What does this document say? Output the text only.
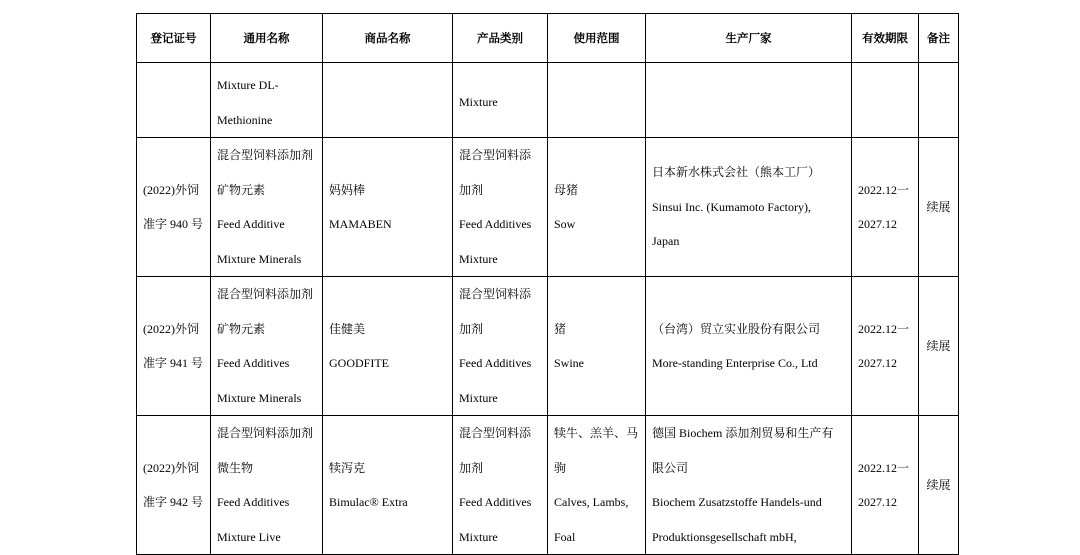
登记证号	通用名称	商品名称	产品类别	使用范围	生产厂家	有效期限	备注

	Mixture DL-
Methionine		Mixture				

(2022)外饲
准字 940 号	混合型饲料添加剂
矿物元素
Feed Additive
Mixture Minerals	妈妈棒
MAMABEN	混合型饲料添
加剂
Feed Additives
Mixture	母猪
Sow	日本新水株式会社（熊本工厂）
Sinsui Inc. (Kumamoto Factory),
Japan	2022.12一
2027.12	续展

(2022)外饲
准字 941 号	混合型饲料添加剂
矿物元素
Feed Additives
Mixture Minerals	佳健美
GOODFITE	混合型饲料添
加剂
Feed Additives
Mixture	猪
Swine	（台湾）贸立实业股份有限公司
More-standing Enterprise Co., Ltd	2022.12一
2027.12	续展

(2022)外饲
准字 942 号	混合型饲料添加剂
微生物
Feed Additives
Mixture Live	犊泻克
Bimulac® Extra	混合型饲料添
加剂
Feed Additives
Mixture	犊牛、羔羊、马
驹
Calves, Lambs,
Foal	德国 Biochem 添加剂贸易和生产有
限公司
Biochem Zusatzstoffe Handels-und
Produktionsgesellschaft mbH,	2022.12一
2027.12	续展
